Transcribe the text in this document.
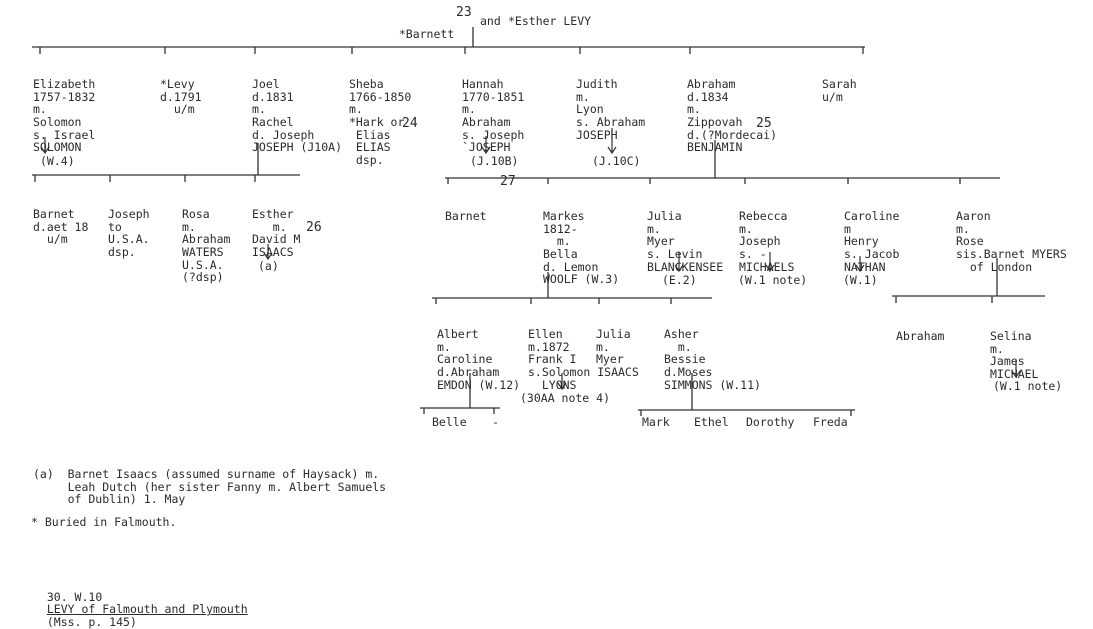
*Barnett

23
and *Esther LEVY

Elizabeth
1757-1832
m.
Solomon
s. Israel
SOLOMON

(W.4)

*Levy
d.1791
u/m

Joel
d.1831
m.
Rachel
d. Joseph
JOSEPH (J10A)

Sheba
1766-1850
m.
*Hark or
Elias
ELIAS
dsp.

24

Hannah
1770-1851
m.
Abraham
s. Joseph
`JOSEPH

(J.10B)

Judith
m.
Lyon
s. Abraham
JOSEPH

(J.10C)

Abraham
d.1834
m.
Zippovah
d.(?Mordecai)
BENJAMIN

25

Sarah
u/m

Barnet
d.aet 18
u/m

Joseph
to
U.S.A.
dsp.

Rosa
m.
Abraham
WATERS
U.S.A.
(?dsp)

Esther
m.
David M
ISAACS

26
(a)

Barnet

27

Markes
1812-
m.
Bella
d. Lemon
WOOLF (W.3)

Julia
m.
Myer
s. Levin
BLANCKENSEE

(E.2)

Rebecca
m.
Joseph
s. -
MICHAELS

(W.1 note)

Caroline
m
Henry
s. Jacob
NATHAN

(W.1)

Aaron
m.
Rose
sis.Barnet MYERS
of London

Albert
m.
Caroline
d.Abraham
EMDON (W.12)

Ellen
m.1872
Frank I
s.Solomon ISAACS
LYONS

(30AA note 4)

Julia
m.
Myer

Asher
m.
Bessie
d.Moses
SIMMONS (W.11)

Abraham

	Selina
m.
James
MICHAEL

(W.1 note)
Belle -	Mark Ethel Dorothy Freda

(a)  Barnet Isaacs (assumed surname of Haysack) m.
Leah Dutch (her sister Fanny m. Albert Samuels
of Dublin) 1. May

* Buried in Falmouth.

30. W.10
LEVY of Falmouth and Plymouth
(Mss. p. 145)
